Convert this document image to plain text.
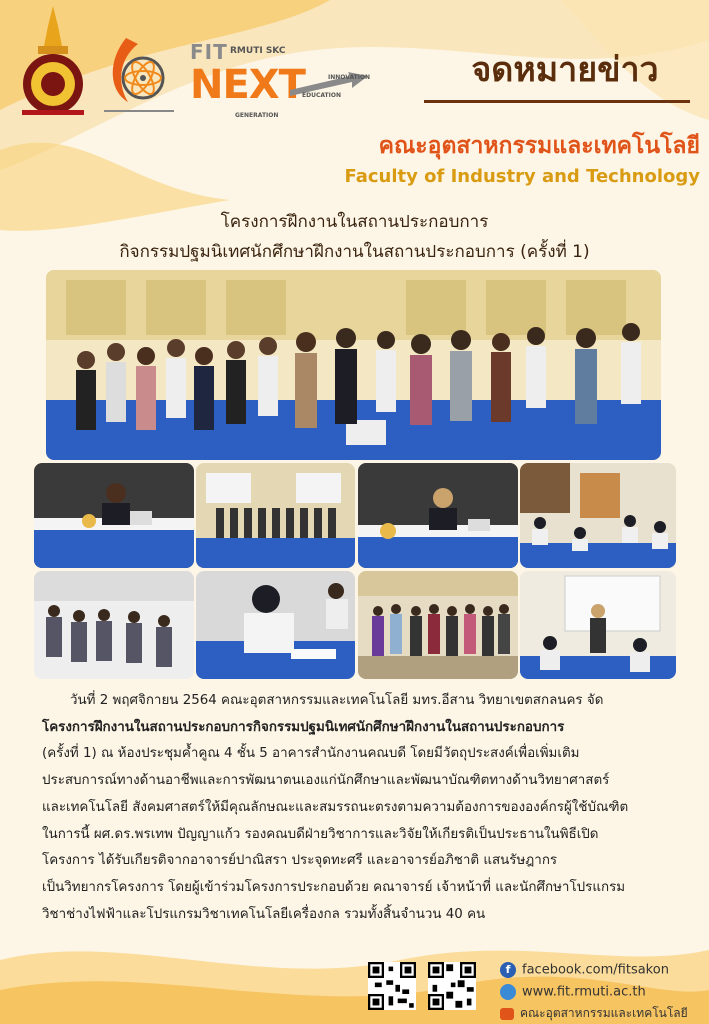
FIT RMUTI SKC
NEXT
GENERATION
EDUCATION
INNOVATION	จดหมายข่าว
คณะอุตสาหกรรมและเทคโนโลยี
Faculty of Industry and Technology
โครงการฝึกงานในสถานประกอบการ
กิจกรรมปฐมนิเทศนักศึกษาฝึกงานในสถานประกอบการ (ครั้งที่ 1)
วันที่ 2 พฤศจิกายน 2564 คณะอุตสาหกรรมและเทคโนโลยี มทร.อีสาน วิทยาเขตสกลนคร จัด
โครงการฝึกงานในสถานประกอบการกิจกรรมปฐมนิเทศนักศึกษาฝึกงานในสถานประกอบการ
(ครั้งที่ 1) ณ ห้องประชุมค้ำคูณ 4 ชั้น 5 อาคารสำนักงานคณบดี โดยมีวัตถุประสงค์เพื่อเพิ่มเติม
ประสบการณ์ทางด้านอาชีพและการพัฒนาตนเองแก่นักศึกษาและพัฒนาบัณฑิตทางด้านวิทยาศาสตร์
และเทคโนโลยี สังคมศาสตร์ให้มีคุณลักษณะและสมรรถนะตรงตามความต้องการขององค์กรผู้ใช้บัณฑิต
ในการนี้ ผศ.ดร.พรเทพ ปัญญาแก้ว รองคณบดีฝ่ายวิชาการและวิจัยให้เกียรติเป็นประธานในพิธีเปิด
โครงการ ได้รับเกียรติจากอาจารย์ปาณิสรา ประจุดทะศรี และอาจารย์อภิชาติ แสนรัษฎากร
เป็นวิทยากรโครงการ โดยผู้เข้าร่วมโครงการประกอบด้วย คณาจารย์ เจ้าหน้าที่ และนักศึกษาโปรแกรม
วิชาช่างไฟฟ้าและโปรแกรมวิชาเทคโนโลยีเครื่องกล รวมทั้งสิ้นจำนวน 40 คน
f facebook.com/fitsakon
www.fit.rmuti.ac.th
คณะอุตสาหกรรมและเทคโนโลยี
